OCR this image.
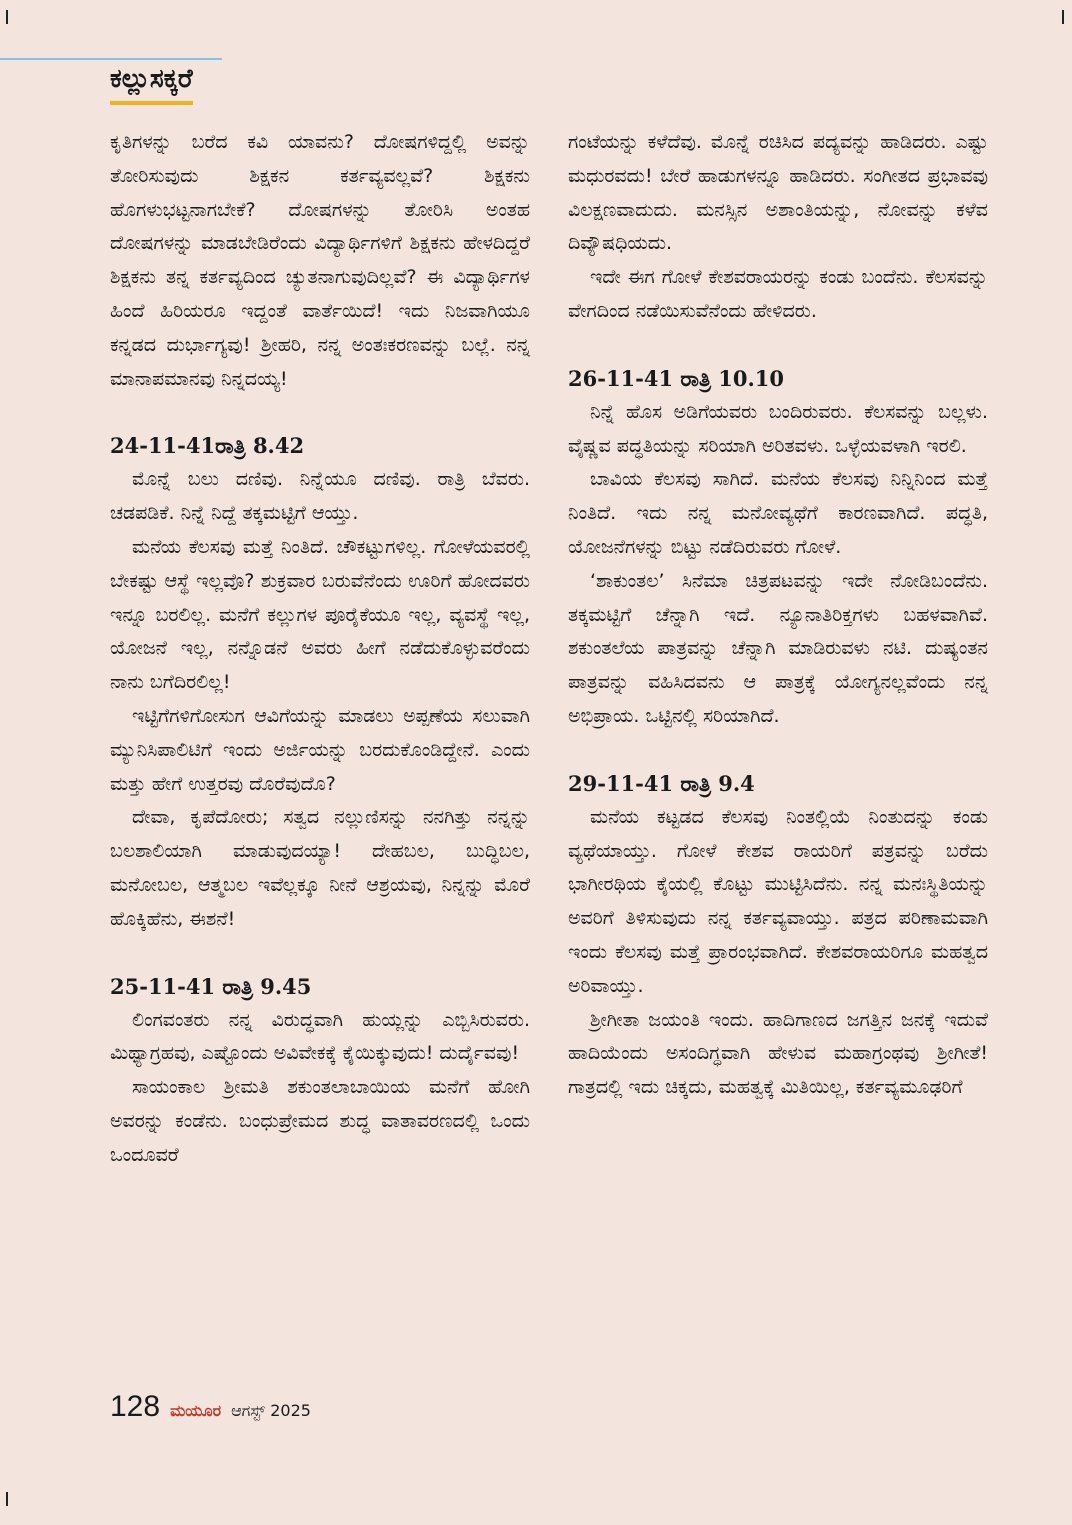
ಕಲ್ಲುಸಕ್ಕರೆ

ಕೃತಿಗಳನ್ನು ಬರೆದ ಕವಿ ಯಾವನು? ದೋಷಗಳಿದ್ದಲ್ಲಿ ಅವನ್ನು ತೋರಿಸುವುದು ಶಿಕ್ಷಕನ ಕರ್ತವ್ಯವಲ್ಲವೆ? ಶಿಕ್ಷಕನು ಹೊಗಳುಭಟ್ಟನಾಗಬೇಕೆ? ದೋಷಗಳನ್ನು ತೋರಿಸಿ ಅಂತಹ ದೋಷಗಳನ್ನು ಮಾಡಬೇಡಿರೆಂದು ವಿದ್ಯಾರ್ಥಿಗಳಿಗೆ ಶಿಕ್ಷಕನು ಹೇಳದಿದ್ದರೆ ಶಿಕ್ಷಕನು ತನ್ನ ಕರ್ತವ್ಯದಿಂದ ಚ್ಯುತನಾಗುವುದಿಲ್ಲವೆ? ಈ ವಿದ್ಯಾರ್ಥಿಗಳ ಹಿಂದೆ ಹಿರಿಯರೂ ಇದ್ದಂತೆ ವಾರ್ತೆಯಿದೆ! ಇದು ನಿಜವಾಗಿಯೂ ಕನ್ನಡದ ದುರ್ಭಾಗ್ಯವು! ಶ್ರೀಹರಿ, ನನ್ನ ಅಂತಃಕರಣವನ್ನು ಬಲ್ಲೆ. ನನ್ನ ಮಾನಾಪಮಾನವು ನಿನ್ನದಯ್ಯ!

24-11-41ರಾತ್ರಿ 8.42

ಮೊನ್ನೆ ಬಲು ದಣಿವು. ನಿನ್ನೆಯೂ ದಣಿವು. ರಾತ್ರಿ ಬೆವರು. ಚಡಪಡಿಕೆ. ನಿನ್ನೆ ನಿದ್ದೆ ತಕ್ಕಮಟ್ಟಿಗೆ ಆಯ್ತು.

ಮನೆಯ ಕೆಲಸವು ಮತ್ತೆ ನಿಂತಿದೆ. ಚೌಕಟ್ಟುಗಳಿಲ್ಲ. ಗೋಳೆಯವರಲ್ಲಿ ಬೇಕಷ್ಟು ಆಸ್ಥೆ ಇಲ್ಲವೊ? ಶುಕ್ರವಾರ ಬರುವೆನೆಂದು ಊರಿಗೆ ಹೋದವರು ಇನ್ನೂ ಬರಲಿಲ್ಲ. ಮನೆಗೆ ಕಲ್ಲುಗಳ ಪೂರೈಕೆಯೂ ಇಲ್ಲ, ವ್ಯವಸ್ಥೆ ಇಲ್ಲ, ಯೋಜನೆ ಇಲ್ಲ, ನನ್ನೊಡನೆ ಅವರು ಹೀಗೆ ನಡೆದುಕೊಳ್ಳುವರೆಂದು ನಾನು ಬಗೆದಿರಲಿಲ್ಲ!

ಇಟ್ಟಿಗೆಗಳಿಗೋಸುಗ ಆವಿಗೆಯನ್ನು ಮಾಡಲು ಅಪ್ಪಣೆಯ ಸಲುವಾಗಿ ಮ್ಯುನಿಸಿಪಾಲಿಟಿಗೆ ಇಂದು ಅರ್ಜಿಯನ್ನು ಬರದುಕೊಂಡಿದ್ದೇನೆ. ಎಂದು ಮತ್ತು ಹೇಗೆ ಉತ್ತರವು ದೊರೆವುದೊ?

ದೇವಾ, ಕೃಪೆದೋರು; ಸತ್ವದ ನಲ್ಲುಣಿಸನ್ನು ನನಗಿತ್ತು ನನ್ನನ್ನು ಬಲಶಾಲಿಯಾಗಿ ಮಾಡುವುದಯ್ಯಾ! ದೇಹಬಲ, ಬುದ್ಧಿಬಲ, ಮನೋಬಲ, ಆತ್ಮಬಲ ಇವೆಲ್ಲಕ್ಕೂ ನೀನೆ ಆಶ್ರಯವು, ನಿನ್ನನ್ನು ಮೊರೆ ಹೊಕ್ಕಿಹೆನು, ಈಶನೆ!

25-11-41 ರಾತ್ರಿ 9.45

ಲಿಂಗವಂತರು ನನ್ನ ವಿರುದ್ಧವಾಗಿ ಹುಯ್ಲನ್ನು ಎಬ್ಬಿಸಿರುವರು. ಮಿಥ್ಯಾಗ್ರಹವು, ಎಷ್ಟೊಂದು ಅವಿವೇಕಕ್ಕೆ ಕೈಯಿಕ್ಕುವುದು! ದುರ್ದೈವವು!

ಸಾಯಂಕಾಲ ಶ್ರೀಮತಿ ಶಕುಂತಲಾಬಾಯಿಯ ಮನೆಗೆ ಹೋಗಿ ಅವರನ್ನು ಕಂಡೆನು. ಬಂಧುಪ್ರೇಮದ ಶುದ್ಧ ವಾತಾವರಣದಲ್ಲಿ ಒಂದು ಒಂದೂವರೆ

ಗಂಟೆಯನ್ನು ಕಳೆದೆವು. ಮೊನ್ನೆ ರಚಿಸಿದ ಪದ್ಯವನ್ನು ಹಾಡಿದರು. ಎಷ್ಟು ಮಧುರವದು! ಬೇರೆ ಹಾಡುಗಳನ್ನೂ ಹಾಡಿದರು. ಸಂಗೀತದ ಪ್ರಭಾವವು ವಿಲಕ್ಷಣವಾದುದು. ಮನಸ್ಸಿನ ಅಶಾಂತಿಯನ್ನು, ನೋವನ್ನು ಕಳೆವ ದಿವ್ಯೌಷಧಿಯದು.

ಇದೇ ಈಗ ಗೋಳೆ ಕೇಶವರಾಯರನ್ನು ಕಂಡು ಬಂದೆನು. ಕೆಲಸವನ್ನು ವೇಗದಿಂದ ನಡೆಯಿಸುವೆನೆಂದು ಹೇಳಿದರು.

26-11-41 ರಾತ್ರಿ 10.10

ನಿನ್ನೆ ಹೊಸ ಅಡಿಗೆಯವರು ಬಂದಿರುವರು. ಕೆಲಸವನ್ನು ಬಲ್ಲಳು. ವೈಷ್ಣವ ಪದ್ಧತಿಯನ್ನು ಸರಿಯಾಗಿ ಅರಿತವಳು. ಒಳ್ಳೆಯವಳಾಗಿ ಇರಲಿ.

ಬಾವಿಯ ಕೆಲಸವು ಸಾಗಿದೆ. ಮನೆಯ ಕೆಲಸವು ನಿನ್ನಿನಿಂದ ಮತ್ತೆ ನಿಂತಿದೆ. ಇದು ನನ್ನ ಮನೋವ್ಯಥೆಗೆ ಕಾರಣವಾಗಿದೆ. ಪದ್ಧತಿ, ಯೋಜನೆಗಳನ್ನು ಬಿಟ್ಟು ನಡೆದಿರುವರು ಗೋಳೆ.

‘ಶಾಕುಂತಲ’ ಸಿನೆಮಾ ಚಿತ್ರಪಟವನ್ನು ಇದೇ ನೋಡಿಬಂದೆನು. ತಕ್ಕಮಟ್ಟಿಗೆ ಚೆನ್ನಾಗಿ ಇದೆ. ನ್ಯೂನಾತಿರಿಕ್ತಗಳು ಬಹಳವಾಗಿವೆ. ಶಕುಂತಲೆಯ ಪಾತ್ರವನ್ನು ಚೆನ್ನಾಗಿ ಮಾಡಿರುವಳು ನಟಿ. ದುಷ್ಯಂತನ ಪಾತ್ರವನ್ನು ವಹಿಸಿದವನು ಆ ಪಾತ್ರಕ್ಕೆ ಯೋಗ್ಯನಲ್ಲವೆಂದು ನನ್ನ ಅಭಿಪ್ರಾಯ. ಒಟ್ಟಿನಲ್ಲಿ ಸರಿಯಾಗಿದೆ.

29-11-41 ರಾತ್ರಿ 9.4

ಮನೆಯ ಕಟ್ಟಡದ ಕೆಲಸವು ನಿಂತಲ್ಲಿಯೆ ನಿಂತುದನ್ನು ಕಂಡು ವ್ಯಥೆಯಾಯ್ತು. ಗೋಳೆ ಕೇಶವ ರಾಯರಿಗೆ ಪತ್ರವನ್ನು ಬರೆದು ಭಾಗೀರಥಿಯ ಕೈಯಲ್ಲಿ ಕೊಟ್ಟು ಮುಟ್ಟಿಸಿದೆನು. ನನ್ನ ಮನಃಸ್ಥಿತಿಯನ್ನು ಅವರಿಗೆ ತಿಳಿಸುವುದು ನನ್ನ ಕರ್ತವ್ಯವಾಯ್ತು. ಪತ್ರದ ಪರಿಣಾಮವಾಗಿ ಇಂದು ಕೆಲಸವು ಮತ್ತೆ ಪ್ರಾರಂಭವಾಗಿದೆ. ಕೇಶವರಾಯರಿಗೂ ಮಹತ್ವದ ಅರಿವಾಯ್ತು.

ಶ್ರೀಗೀತಾ ಜಯಂತಿ ಇಂದು. ಹಾದಿಗಾಣದ ಜಗತ್ತಿನ ಜನಕ್ಕೆ ಇದುವೆ ಹಾದಿಯೆಂದು ಅಸಂದಿಗ್ಧವಾಗಿ ಹೇಳುವ ಮಹಾಗ್ರಂಥವು ಶ್ರೀಗೀತೆ! ಗಾತ್ರದಲ್ಲಿ ಇದು ಚಿಕ್ಕದು, ಮಹತ್ವಕ್ಕೆ ಮಿತಿಯಿಲ್ಲ, ಕರ್ತವ್ಯಮೂಢರಿಗೆ

128 ಮಯೂರ ಆಗಸ್ಟ್ 2025
